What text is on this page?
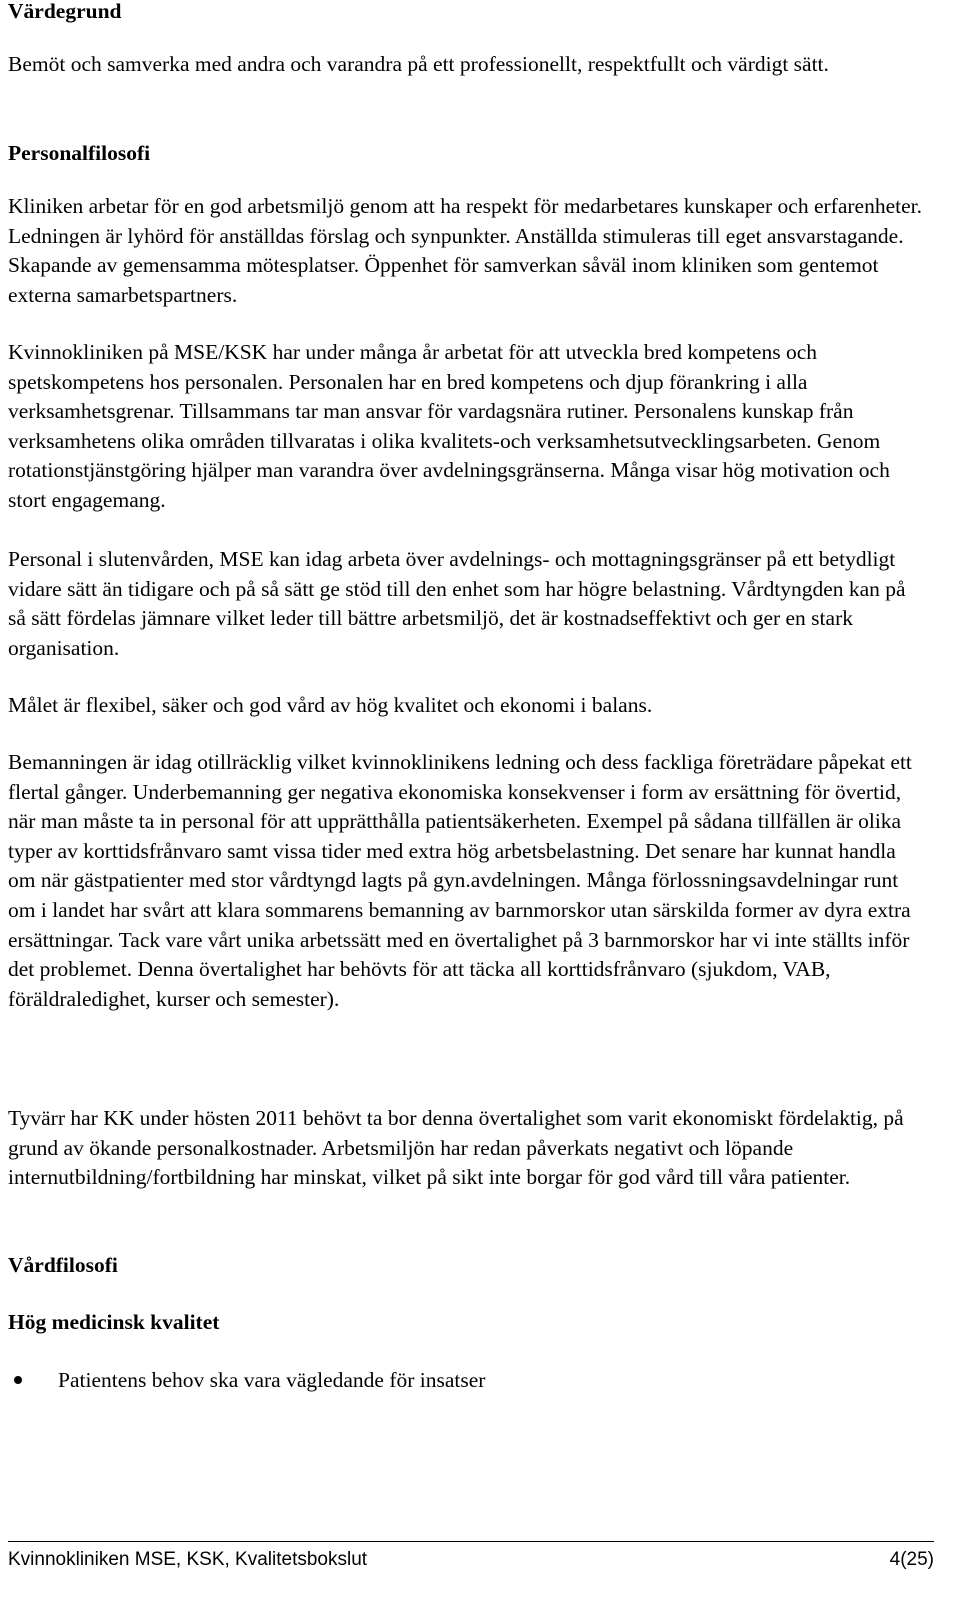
Värdegrund

Bemöt och samverka med andra och varandra på ett professionellt, respektfullt och värdigt sätt.

Personalfilosofi

Kliniken arbetar för en god arbetsmiljö genom att ha respekt för medarbetares kunskaper och erfarenheter. Ledningen är lyhörd för anställdas förslag och synpunkter. Anställda stimuleras till eget ansvarstagande. Skapande av gemensamma mötesplatser. Öppenhet för samverkan såväl inom kliniken som gentemot externa samarbetspartners.

Kvinnokliniken på MSE/KSK har under många år arbetat för att utveckla bred kompetens och spetskompetens hos personalen. Personalen har en bred kompetens och djup förankring i alla verksamhetsgrenar. Tillsammans tar man ansvar för vardagsnära rutiner. Personalens kunskap från verksamhetens olika områden tillvaratas i olika kvalitets-och verksamhetsutvecklingsarbeten. Genom rotationstjänstgöring hjälper man varandra över avdelningsgränserna. Många visar hög motivation och stort engagemang.

Personal i slutenvården, MSE kan idag arbeta över avdelnings- och mottagningsgränser på ett betydligt vidare sätt än tidigare och på så sätt ge stöd till den enhet som har högre belastning. Vårdtyngden kan på så sätt fördelas jämnare vilket leder till bättre arbetsmiljö, det är kostnadseffektivt och ger en stark organisation.

Målet är flexibel, säker och god vård av hög kvalitet och ekonomi i balans.

Bemanningen är idag otillräcklig vilket kvinnoklinikens ledning och dess fackliga företrädare påpekat ett flertal gånger. Underbemanning ger negativa ekonomiska konsekvenser i form av ersättning för övertid, när man måste ta in personal för att upprätthålla patientsäkerheten. Exempel på sådana tillfällen är olika typer av korttidsfrånvaro samt vissa tider med extra hög arbetsbelastning. Det senare har kunnat handla om när gästpatienter med stor vårdtyngd lagts på gyn.avdelningen. Många förlossningsavdelningar runt om i landet har svårt att klara sommarens bemanning av barnmorskor utan särskilda former av dyra extra ersättningar. Tack vare vårt unika arbetssätt med en övertalighet på 3 barnmorskor har vi inte ställts inför det problemet. Denna övertalighet har behövts för att täcka all korttidsfrånvaro (sjukdom, VAB, föräldraledighet, kurser och semester).

Tyvärr har KK under hösten 2011 behövt ta bor denna övertalighet som varit ekonomiskt fördelaktig, på grund av ökande personalkostnader. Arbetsmiljön har redan påverkats negativt och löpande internutbildning/fortbildning har minskat, vilket på sikt inte borgar för god vård till våra patienter.

Vårdfilosofi
Hög medicinsk kvalitet
Patientens behov ska vara vägledande för insatser
Kvinnokliniken MSE, KSK, Kvalitetsbokslut	4(25)
